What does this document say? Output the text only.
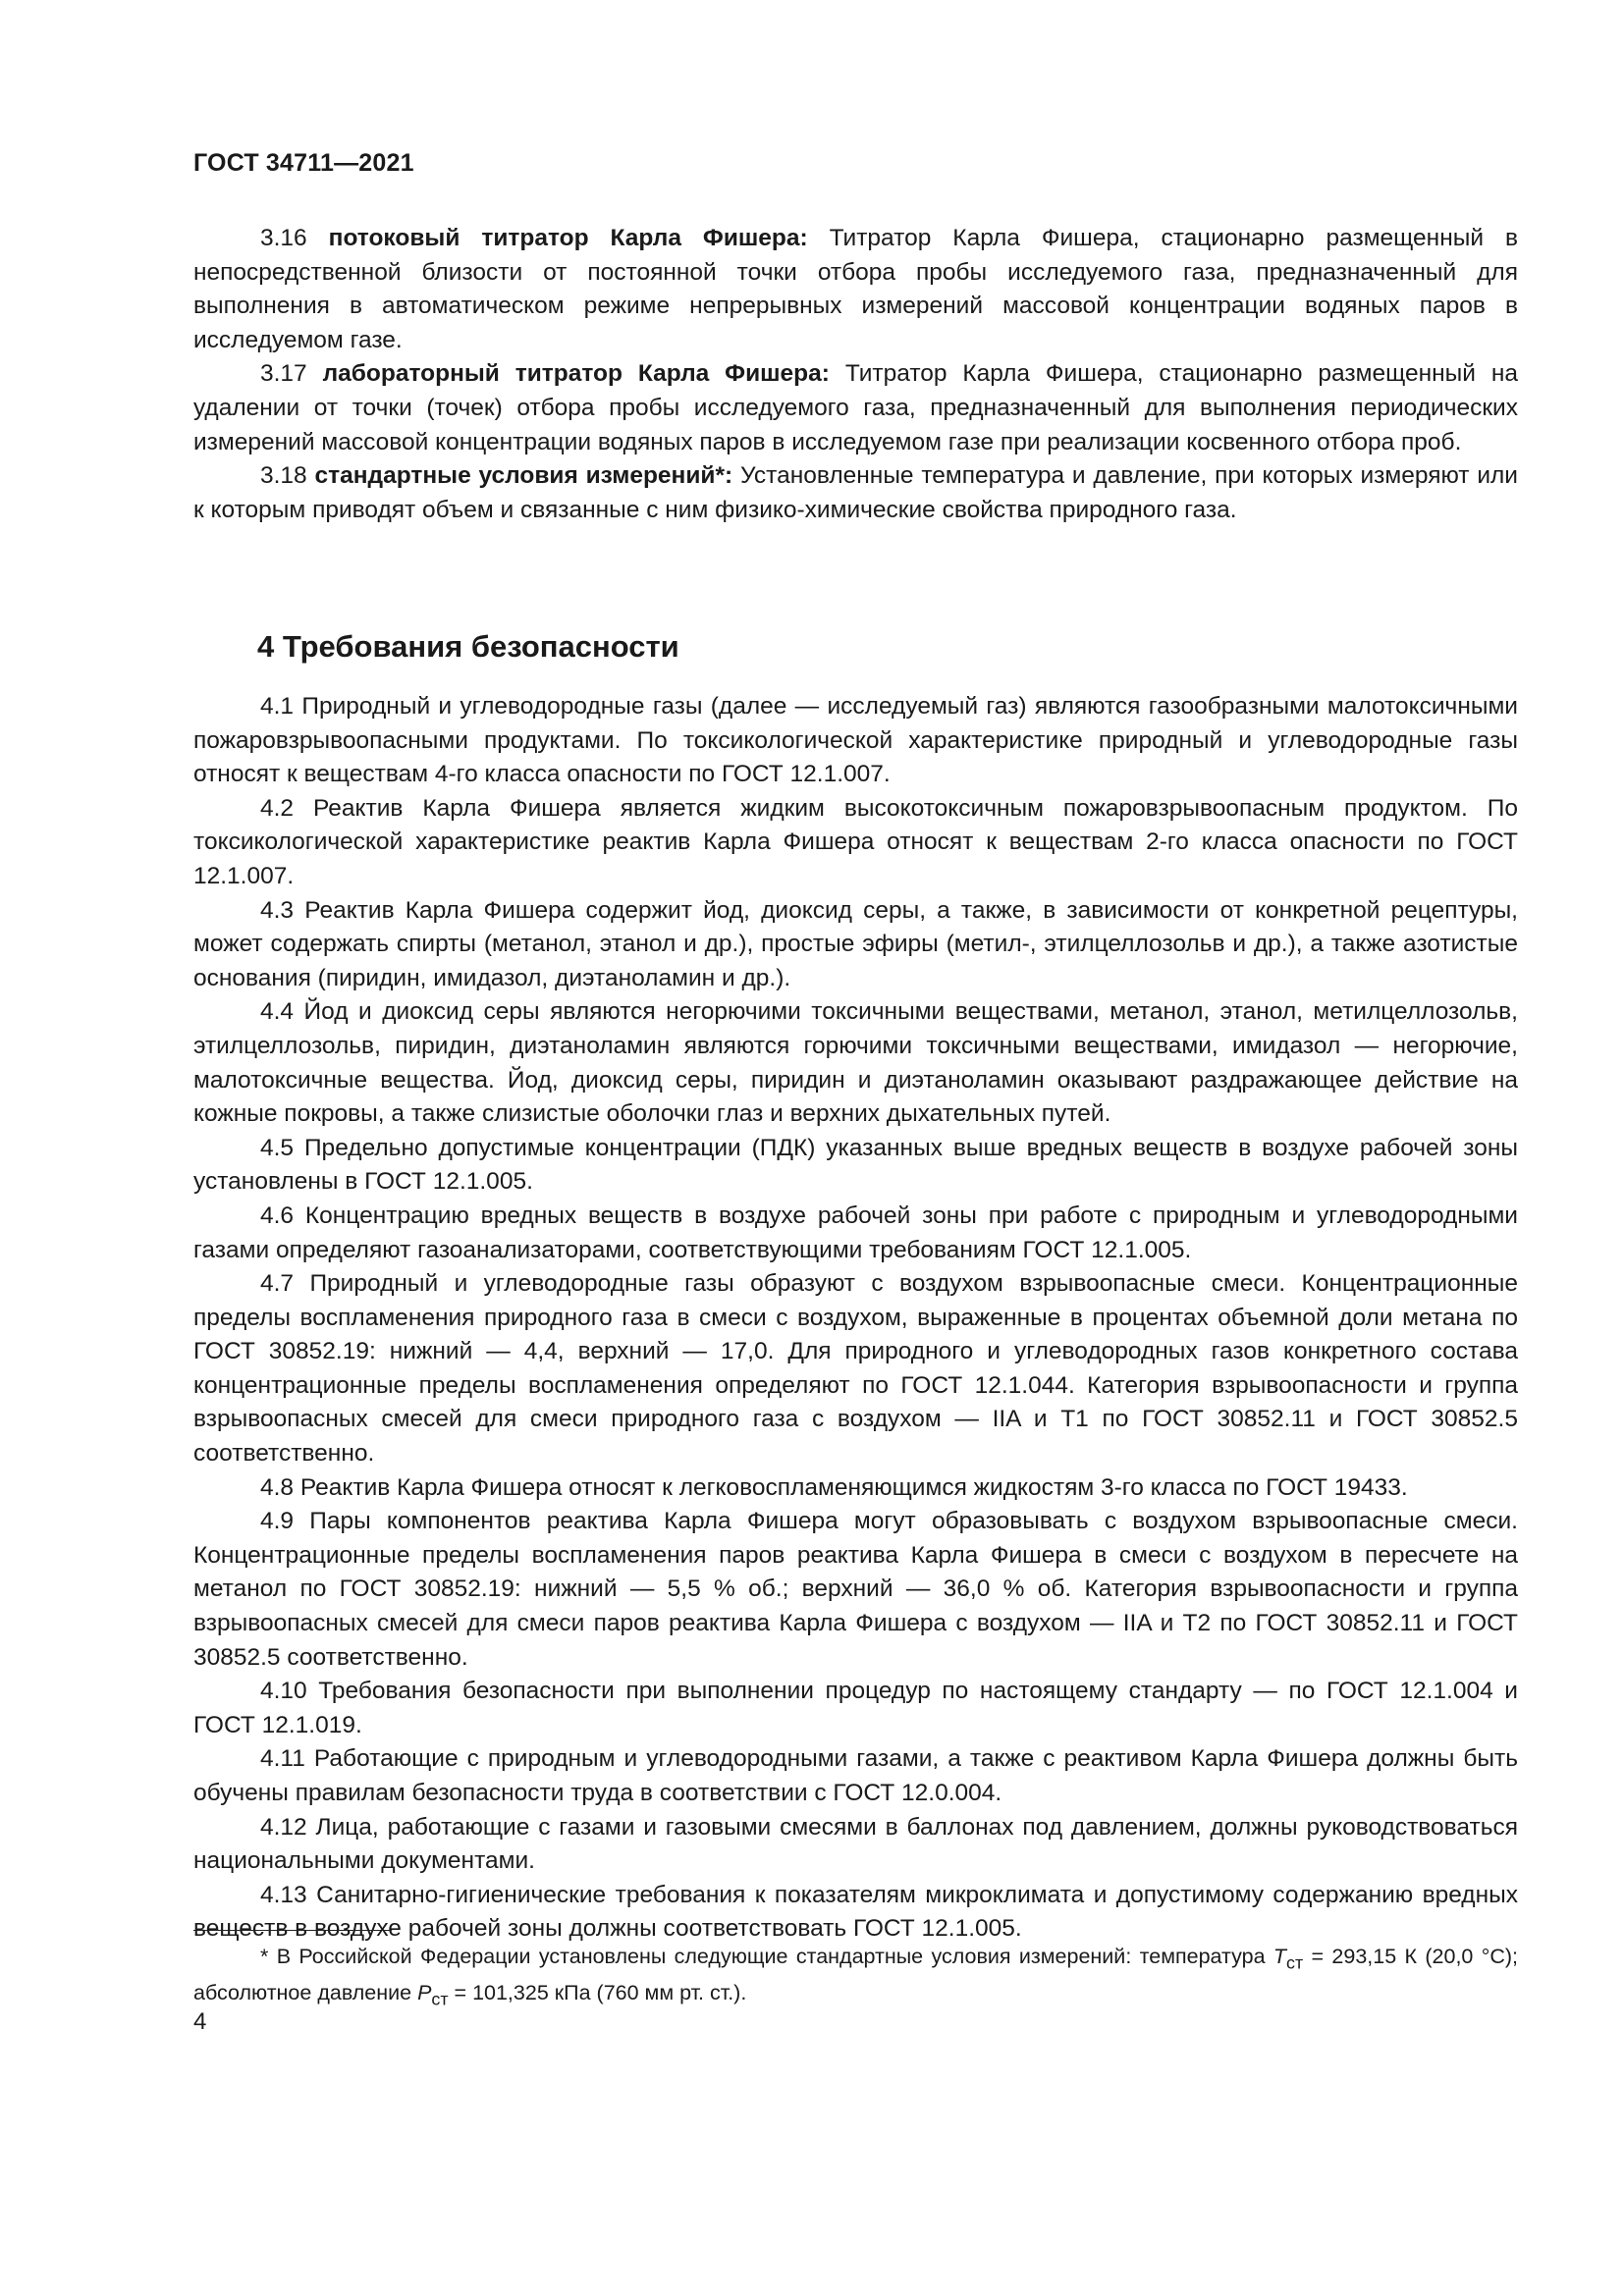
ГОСТ 34711—2021

3.16 потоковый титратор Карла Фишера: Титратор Карла Фишера, стационарно размещенный в непосредственной близости от постоянной точки отбора пробы исследуемого газа, предназначенный для выполнения в автоматическом режиме непрерывных измерений массовой концентрации водяных паров в исследуемом газе.

3.17 лабораторный титратор Карла Фишера: Титратор Карла Фишера, стационарно размещенный на удалении от точки (точек) отбора пробы исследуемого газа, предназначенный для выполнения периодических измерений массовой концентрации водяных паров в исследуемом газе при реализации косвенного отбора проб.

3.18 стандартные условия измерений*: Установленные температура и давление, при которых измеряют или к которым приводят объем и связанные с ним физико-химические свойства природного газа.

4 Требования безопасности

4.1 Природный и углеводородные газы (далее — исследуемый газ) являются газообразными малотоксичными пожаровзрывоопасными продуктами. По токсикологической характеристике природный и углеводородные газы относят к веществам 4-го класса опасности по ГОСТ 12.1.007.

4.2 Реактив Карла Фишера является жидким высокотоксичным пожаровзрывоопасным продуктом. По токсикологической характеристике реактив Карла Фишера относят к веществам 2-го класса опасности по ГОСТ 12.1.007.

4.3 Реактив Карла Фишера содержит йод, диоксид серы, а также, в зависимости от конкретной рецептуры, может содержать спирты (метанол, этанол и др.), простые эфиры (метил-, этилцеллозольв и др.), а также азотистые основания (пиридин, имидазол, диэтаноламин и др.).

4.4 Йод и диоксид серы являются негорючими токсичными веществами, метанол, этанол, метилцеллозольв, этилцеллозольв, пиридин, диэтаноламин являются горючими токсичными веществами, имидазол — негорючие, малотоксичные вещества. Йод, диоксид серы, пиридин и диэтаноламин оказывают раздражающее действие на кожные покровы, а также слизистые оболочки глаз и верхних дыхательных путей.

4.5 Предельно допустимые концентрации (ПДК) указанных выше вредных веществ в воздухе рабочей зоны установлены в ГОСТ 12.1.005.

4.6 Концентрацию вредных веществ в воздухе рабочей зоны при работе с природным и углеводородными газами определяют газоанализаторами, соответствующими требованиям ГОСТ 12.1.005.

4.7 Природный и углеводородные газы образуют с воздухом взрывоопасные смеси. Концентрационные пределы воспламенения природного газа в смеси с воздухом, выраженные в процентах объемной доли метана по ГОСТ 30852.19: нижний — 4,4, верхний — 17,0. Для природного и углеводородных газов конкретного состава концентрационные пределы воспламенения определяют по ГОСТ 12.1.044. Категория взрывоопасности и группа взрывоопасных смесей для смеси природного газа с воздухом — IIA и Т1 по ГОСТ 30852.11 и ГОСТ 30852.5 соответственно.

4.8 Реактив Карла Фишера относят к легковоспламеняющимся жидкостям 3-го класса по ГОСТ 19433.

4.9 Пары компонентов реактива Карла Фишера могут образовывать с воздухом взрывоопасные смеси. Концентрационные пределы воспламенения паров реактива Карла Фишера в смеси с воздухом в пересчете на метанол по ГОСТ 30852.19: нижний — 5,5 % об.; верхний — 36,0 % об. Категория взрывоопасности и группа взрывоопасных смесей для смеси паров реактива Карла Фишера с воздухом — IIA и Т2 по ГОСТ 30852.11 и ГОСТ 30852.5 соответственно.

4.10 Требования безопасности при выполнении процедур по настоящему стандарту — по ГОСТ 12.1.004 и ГОСТ 12.1.019.

4.11 Работающие с природным и углеводородными газами, а также с реактивом Карла Фишера должны быть обучены правилам безопасности труда в соответствии с ГОСТ 12.0.004.

4.12 Лица, работающие с газами и газовыми смесями в баллонах под давлением, должны руководствоваться национальными документами.

4.13 Санитарно-гигиенические требования к показателям микроклимата и допустимому содержанию вредных веществ в воздухе рабочей зоны должны соответствовать ГОСТ 12.1.005.

* В Российской Федерации установлены следующие стандартные условия измерений: температура $T_{ст} = 293,15$ К (20,0 °С); абсолютное давление $P_{ст} = 101,325$ кПа (760 мм рт. ст.).

4
